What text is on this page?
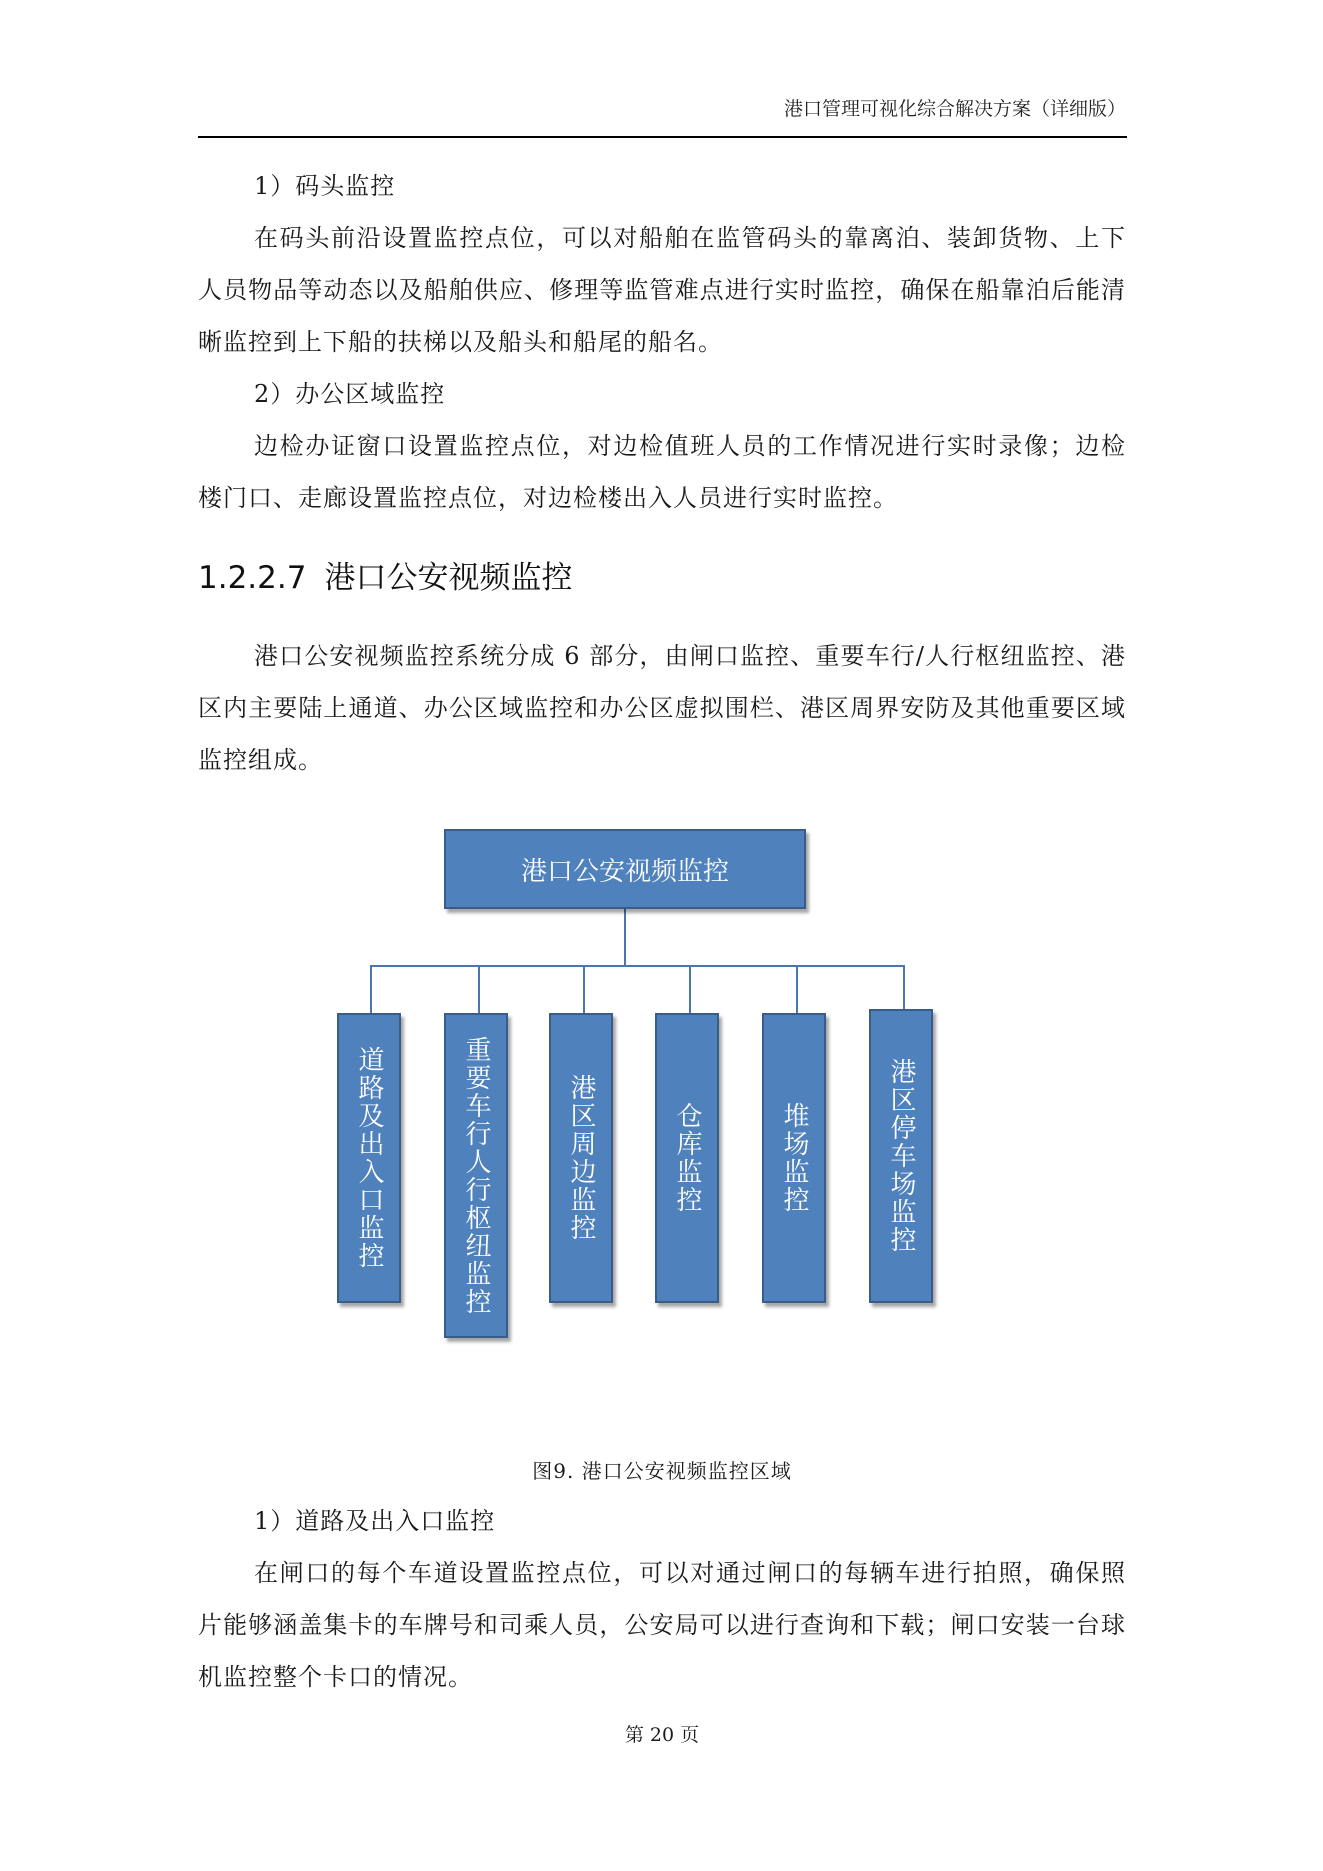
港口管理可视化综合解决方案（详细版）

1）码头监控

在码头前沿设置监控点位，可以对船舶在监管码头的靠离泊、装卸货物、上下人员物品等动态以及船舶供应、修理等监管难点进行实时监控，确保在船靠泊后能清晰监控到上下船的扶梯以及船头和船尾的船名。

2）办公区域监控

边检办证窗口设置监控点位，对边检值班人员的工作情况进行实时录像；边检楼门口、走廊设置监控点位，对边检楼出入人员进行实时监控。

1.2.2.7 港口公安视频监控

港口公安视频监控系统分成 6 部分，由闸口监控、重要车行/人行枢纽监控、港区内主要陆上通道、办公区域监控和办公区虚拟围栏、港区周界安防及其他重要区域监控组成。

港口公安视频监控
道路及出入口监控	重要车行人行枢纽监控	港区周边监控	仓库监控	堆场监控	港区停车场监控
图9. 港口公安视频监控区域

1）道路及出入口监控

在闸口的每个车道设置监控点位，可以对通过闸口的每辆车进行拍照，确保照片能够涵盖集卡的车牌号和司乘人员，公安局可以进行查询和下载；闸口安装一台球机监控整个卡口的情况。

第 20 页
